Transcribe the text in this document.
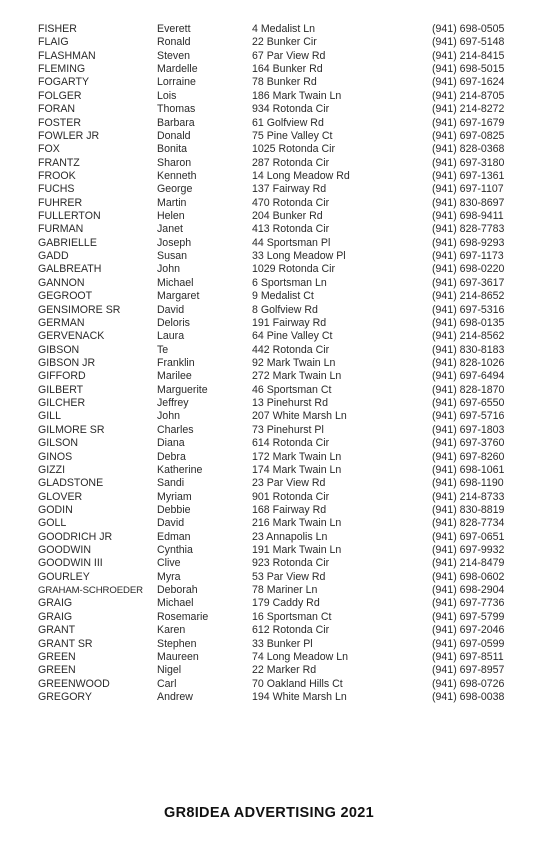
FISHER	Everett	4 Medalist Ln	(941) 698-0505
FLAIG	Ronald	22 Bunker Cir	(941) 697-5148
FLASHMAN	Steven	67 Par View Rd	(941) 214-8415
FLEMING	Mardelle	164 Bunker Rd	(941) 698-5015
FOGARTY	Lorraine	78 Bunker Rd	(941) 697-1624
FOLGER	Lois	186 Mark Twain Ln	(941) 214-8705
FORAN	Thomas	934 Rotonda Cir	(941) 214-8272
FOSTER	Barbara	61 Golfview Rd	(941) 697-1679
FOWLER JR	Donald	75 Pine Valley Ct	(941) 697-0825
FOX	Bonita	1025 Rotonda Cir	(941) 828-0368
FRANTZ	Sharon	287 Rotonda Cir	(941) 697-3180
FROOK	Kenneth	14 Long Meadow Rd	(941) 697-1361
FUCHS	George	137 Fairway Rd	(941) 697-1107
FUHRER	Martin	470 Rotonda Cir	(941) 830-8697
FULLERTON	Helen	204 Bunker Rd	(941) 698-9411
FURMAN	Janet	413 Rotonda Cir	(941) 828-7783
GABRIELLE	Joseph	44 Sportsman Pl	(941) 698-9293
GADD	Susan	33 Long Meadow Pl	(941) 697-1173
GALBREATH	John	1029 Rotonda Cir	(941) 698-0220
GANNON	Michael	6 Sportsman Ln	(941) 697-3617
GEGROOT	Margaret	9 Medalist Ct	(941) 214-8652
GENSIMORE SR	David	8 Golfview Rd	(941) 697-5316
GERMAN	Deloris	191 Fairway Rd	(941) 698-0135
GERVENACK	Laura	64 Pine Valley Ct	(941) 214-8562
GIBSON	Te	442 Rotonda Cir	(941) 830-8183
GIBSON JR	Franklin	92 Mark Twain Ln	(941) 828-1026
GIFFORD	Marilee	272 Mark Twain Ln	(941) 697-6494
GILBERT	Marguerite	46 Sportsman Ct	(941) 828-1870
GILCHER	Jeffrey	13 Pinehurst Rd	(941) 697-6550
GILL	John	207 White Marsh Ln	(941) 697-5716
GILMORE SR	Charles	73 Pinehurst Pl	(941) 697-1803
GILSON	Diana	614 Rotonda Cir	(941) 697-3760
GINOS	Debra	172 Mark Twain Ln	(941) 697-8260
GIZZI	Katherine	174 Mark Twain Ln	(941) 698-1061
GLADSTONE	Sandi	23 Par View Rd	(941) 698-1190
GLOVER	Myriam	901 Rotonda Cir	(941) 214-8733
GODIN	Debbie	168 Fairway Rd	(941) 830-8819
GOLL	David	216 Mark Twain Ln	(941) 828-7734
GOODRICH JR	Edman	23 Annapolis Ln	(941) 697-0651
GOODWIN	Cynthia	191 Mark Twain Ln	(941) 697-9932
GOODWIN III	Clive	923 Rotonda Cir	(941) 214-8479
GOURLEY	Myra	53 Par View Rd	(941) 698-0602
GRAHAM-SCHROEDER Deborah	78 Mariner Ln	(941) 698-2904
GRAIG	Michael	179 Caddy Rd	(941) 697-7736
GRAIG	Rosemarie	16 Sportsman Ct	(941) 697-5799
GRANT	Karen	612 Rotonda Cir	(941) 697-2046
GRANT SR	Stephen	33 Bunker Pl	(941) 697-0599
GREEN	Maureen	74 Long Meadow Ln	(941) 697-8511
GREEN	Nigel	22 Marker Rd	(941) 697-8957
GREENWOOD	Carl	70 Oakland Hills Ct	(941) 698-0726
GREGORY	Andrew	194 White Marsh Ln	(941) 698-0038
GR8IDEA ADVERTISING 2021
